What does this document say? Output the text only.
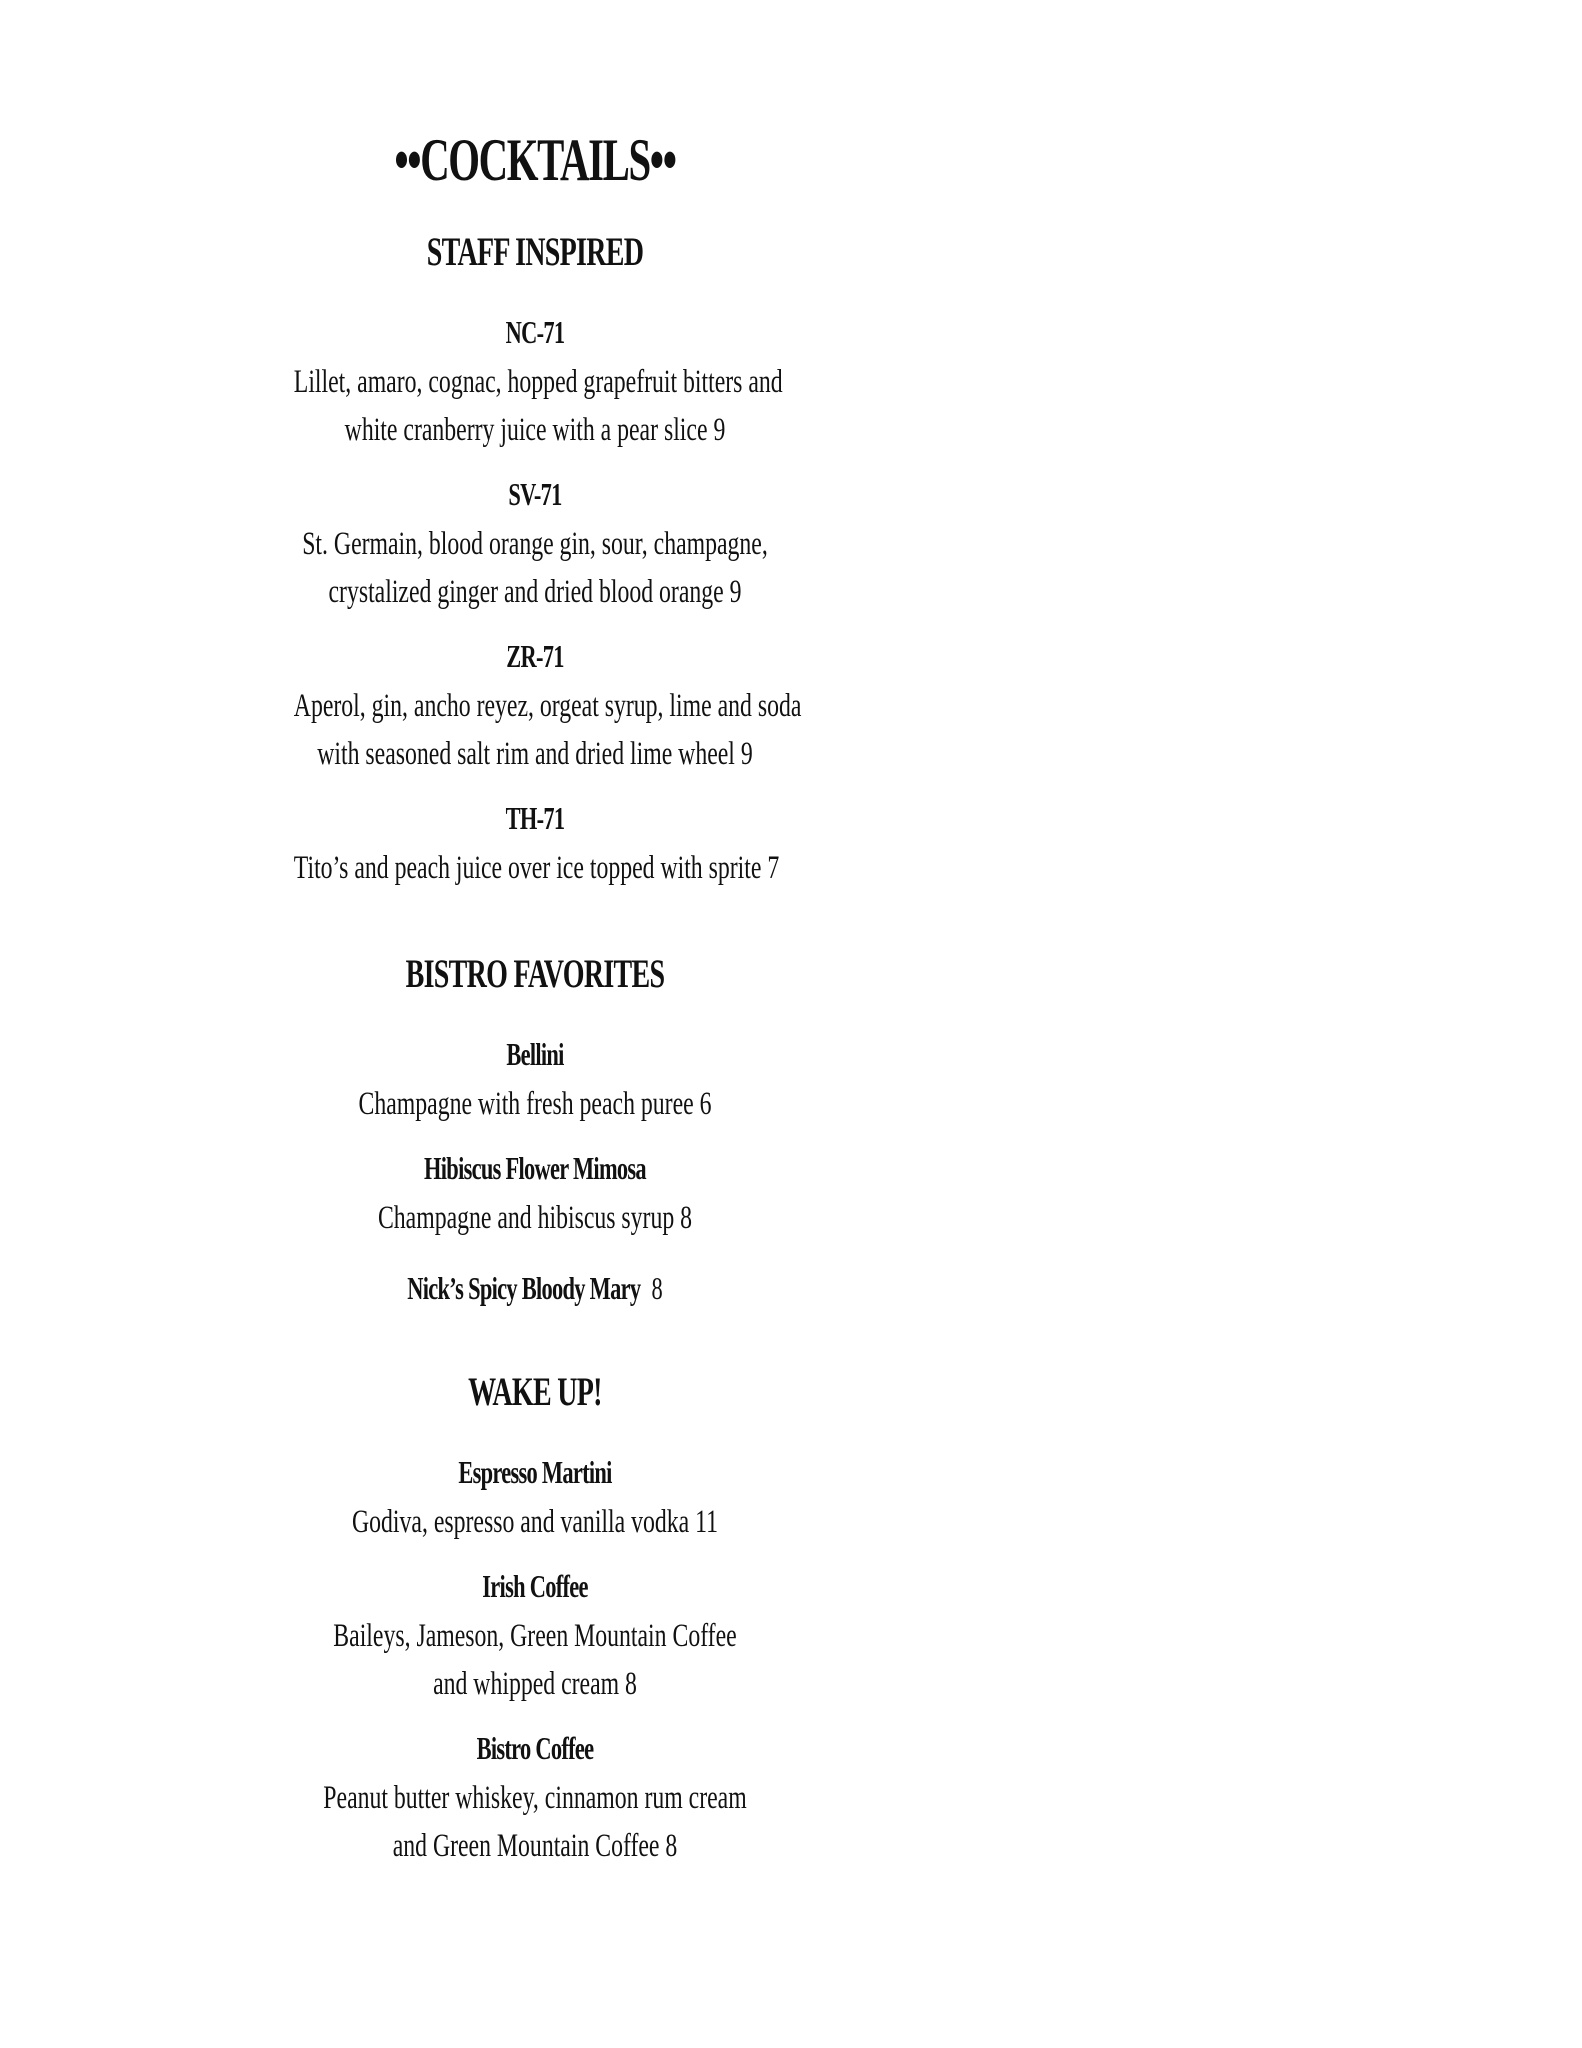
••COCKTAILS••
STAFF INSPIRED
NC-71
Lillet, amaro, cognac, hopped grapefruit bitters and
white cranberry juice with a pear slice 9
SV-71
St. Germain, blood orange gin, sour, champagne,
crystalized ginger and dried blood orange 9
ZR-71
Aperol, gin, ancho reyez, orgeat syrup, lime and soda
with seasoned salt rim and dried lime wheel 9
TH-71
Tito’s and peach juice over ice topped with sprite 7
BISTRO FAVORITES
Bellini
Champagne with fresh peach puree 6
Hibiscus Flower Mimosa
Champagne and hibiscus syrup 8
Nick’s Spicy Bloody Mary 8
WAKE UP!
Espresso Martini
Godiva, espresso and vanilla vodka 11
Irish Coffee
Baileys, Jameson, Green Mountain Coffee
and whipped cream 8
Bistro Coffee
Peanut butter whiskey, cinnamon rum cream
and Green Mountain Coffee 8
